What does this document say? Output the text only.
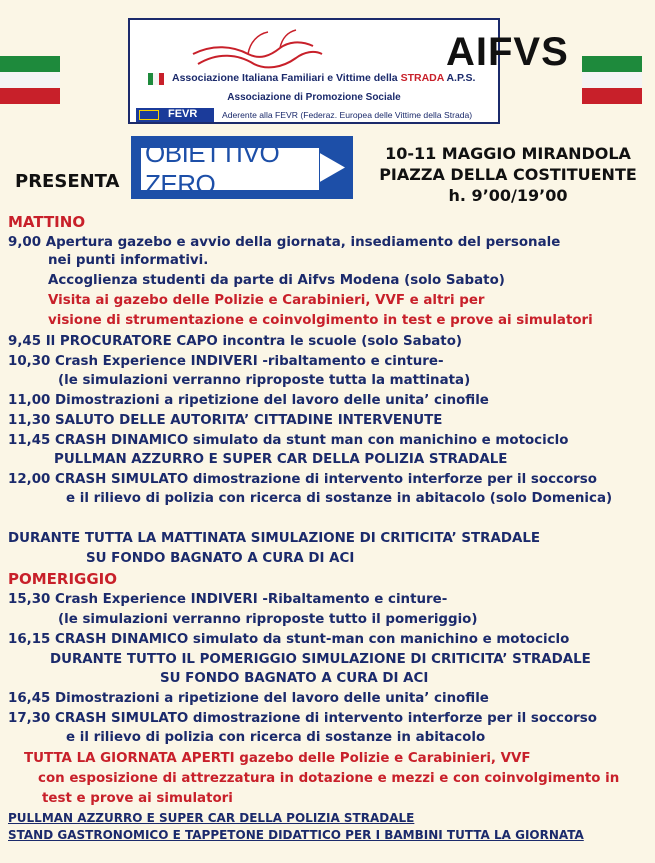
AIFVS
Associazione Italiana Familiari e Vittime della STRADA A.P.S.
Associazione di Promozione Sociale
FEVR	Aderente alla FEVR (Federaz. Europea delle Vittime della Strada)
PRESENTA
OBIETTIVO ZERO
10-11 MAGGIO MIRANDOLA
PIAZZA DELLA COSTITUENTE
h. 9’00/19’00
MATTINO
9,00 Apertura gazebo e avvio della giornata, insediamento del personale
nei punti informativi.
Accoglienza studenti da parte di Aifvs Modena (solo Sabato)
Visita ai gazebo delle Polizie e Carabinieri, VVF e altri per
visione di strumentazione e coinvolgimento in test e prove ai simulatori
9,45 Il PROCURATORE CAPO incontra le scuole (solo Sabato)
10,30 Crash Experience INDIVERI -ribaltamento e cinture-
(le simulazioni verranno riproposte tutta la mattinata)
11,00 Dimostrazioni a ripetizione del lavoro delle unita’ cinofile
11,30 SALUTO DELLE AUTORITA’ CITTADINE INTERVENUTE
11,45 CRASH DINAMICO simulato da stunt man con manichino e motociclo
PULLMAN AZZURRO E SUPER CAR DELLA POLIZIA STRADALE
12,00 CRASH SIMULATO dimostrazione di intervento interforze per il soccorso
e il rilievo di polizia con ricerca di sostanze in abitacolo (solo Domenica)
DURANTE TUTTA LA MATTINATA SIMULAZIONE DI CRITICITA’ STRADALE
SU FONDO BAGNATO A CURA DI ACI
POMERIGGIO
15,30 Crash Experience INDIVERI -Ribaltamento e cinture-
(le simulazioni verranno riproposte tutto il pomeriggio)
16,15 CRASH DINAMICO simulato da stunt-man con manichino e motociclo
DURANTE TUTTO IL POMERIGGIO SIMULAZIONE DI CRITICITA’ STRADALE
SU FONDO BAGNATO A CURA DI ACI
16,45 Dimostrazioni a ripetizione del lavoro delle unita’ cinofile
17,30 CRASH SIMULATO dimostrazione di intervento interforze per il soccorso
e il rilievo di polizia con ricerca di sostanze in abitacolo
TUTTA LA GIORNATA APERTI gazebo delle Polizie e Carabinieri, VVF
con esposizione di attrezzatura in dotazione e mezzi e con coinvolgimento in
test e prove ai simulatori
PULLMAN AZZURRO E SUPER CAR DELLA POLIZIA STRADALE
STAND GASTRONOMICO E TAPPETONE DIDATTICO PER I BAMBINI TUTTA LA GIORNATA
